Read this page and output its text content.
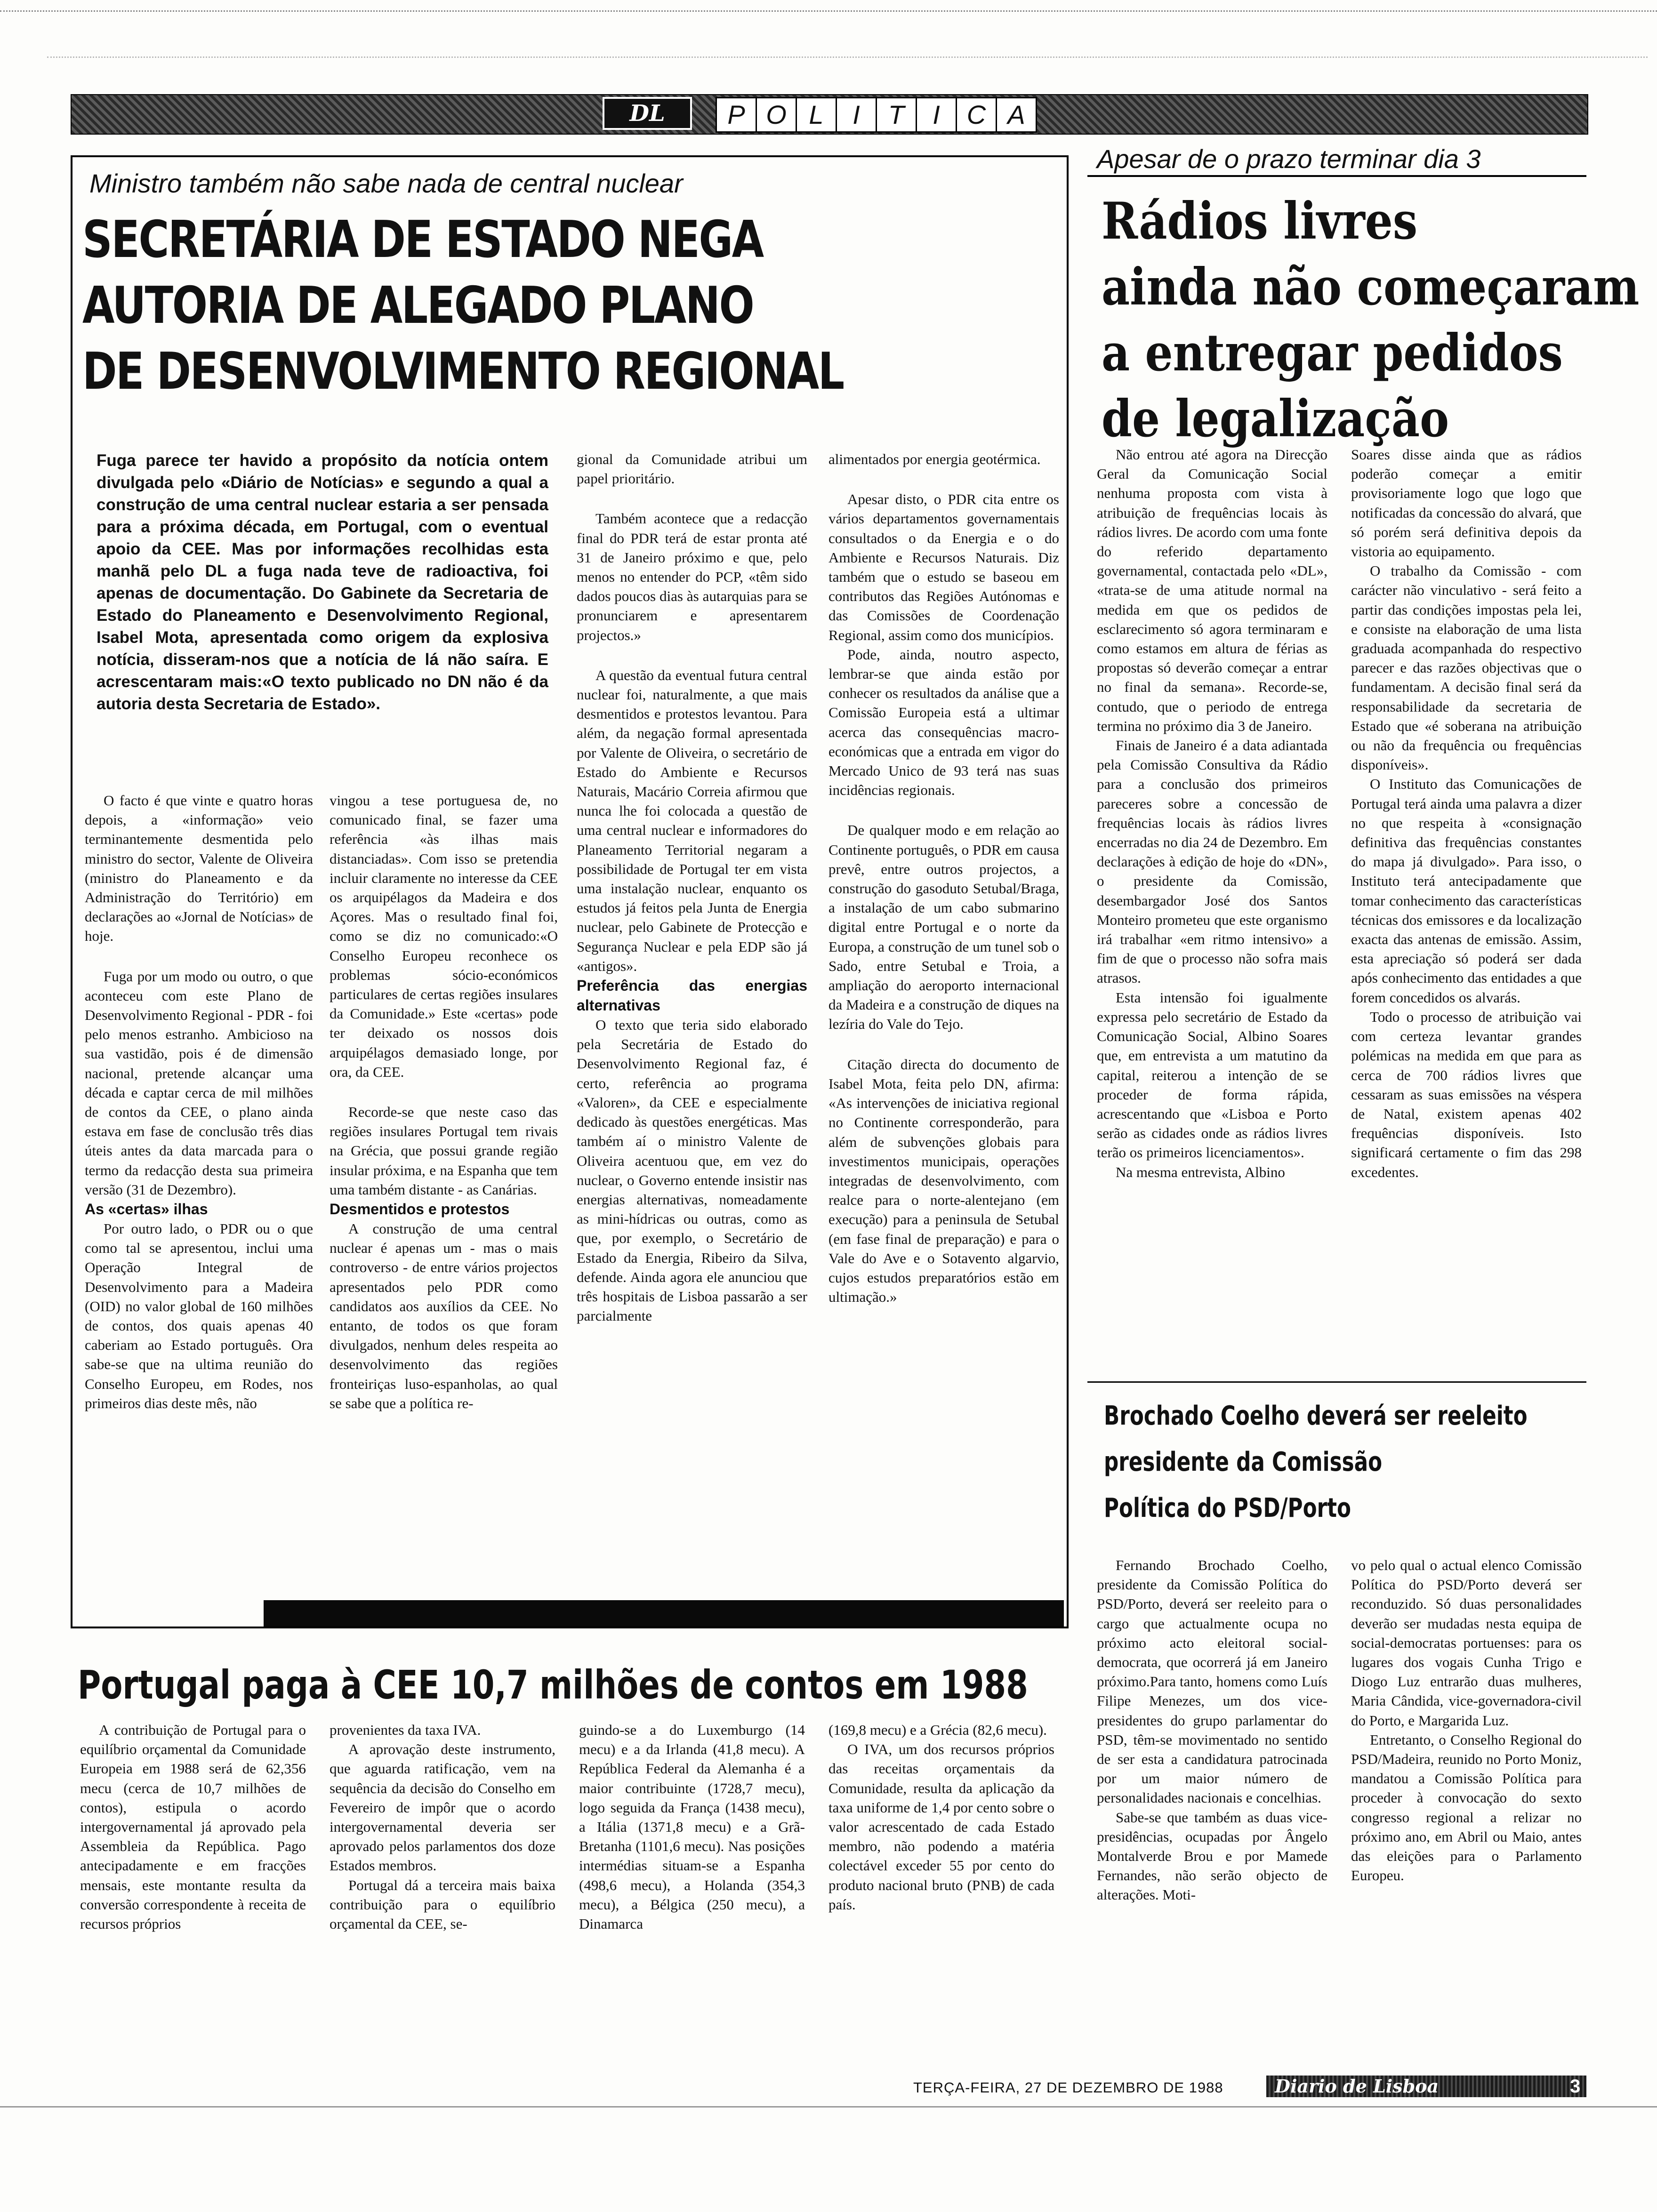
DL	P O L	I	T	I	C A
Ministro também não sabe nada de central nuclear
SECRETÁRIA DE ESTADO NEGA
AUTORIA DE ALEGADO PLANO
DE DESENVOLVIMENTO REGIONAL
Fuga parece ter havido a propósito da notícia ontem divulgada pelo «Diário de Notícias» e segundo a qual a construção de uma central nuclear estaria a ser pensada para a próxima década, em Portugal, com o eventual apoio da CEE. Mas por informações recolhidas esta manhã pelo DL a fuga nada teve de radioactiva, foi apenas de documentação. Do Gabinete da Secretaria de Estado do Planeamento e Desenvolvimento Regional, Isabel Mota, apresentada como origem da explosiva notícia, disseram-nos que a notícia de lá não saíra. E acrescentaram mais:«O texto publicado no DN não é da autoria desta Secretaria de Estado».

O facto é que vinte e quatro horas depois, a «informação» veio terminantemente desmentida pelo ministro do sector, Valente de Oliveira (ministro do Planeamento e da Administração do Território) em declarações ao «Jornal de Notícias» de hoje.

Fuga por um modo ou outro, o que aconteceu com este Plano de Desenvolvimento Regional - PDR - foi pelo menos estranho. Ambicioso na sua vastidão, pois é de dimensão nacional, pretende alcançar uma década e captar cerca de mil milhões de contos da CEE, o plano ainda estava em fase de conclusão três dias úteis antes da data marcada para o termo da redacção desta sua primeira versão (31 de Dezembro).

As «certas» ilhas

Por outro lado, o PDR ou o que como tal se apresentou, inclui uma Operação Integral de Desenvolvimento para a Madeira (OID) no valor global de 160 milhões de contos, dos quais apenas 40 caberiam ao Estado português. Ora sabe-se que na ultima reunião do Conselho Europeu, em Rodes, nos primeiros dias deste mês, não

vingou a tese portuguesa de, no comunicado final, se fazer uma referência «às ilhas mais distanciadas». Com isso se pretendia incluir claramente no interesse da CEE os arquipélagos da Madeira e dos Açores. Mas o resultado final foi, como se diz no comunicado:«O Conselho Europeu reconhece os problemas sócio-económicos particulares de certas regiões insulares da Comunidade.» Este «certas» pode ter deixado os nossos dois arquipélagos demasiado longe, por ora, da CEE.

Recorde-se que neste caso das regiões insulares Portugal tem rivais na Grécia, que possui grande região insular próxima, e na Espanha que tem uma também distante - as Canárias.

Desmentidos e protestos

A construção de uma central nuclear é apenas um - mas o mais controverso - de entre vários projectos apresentados pelo PDR como candidatos aos auxílios da CEE. No entanto, de todos os que foram divulgados, nenhum deles respeita ao desenvolvimento das regiões fronteiriças luso-espanholas, ao qual se sabe que a política re-

gional da Comunidade atribui um papel prioritário.

Também acontece que a redacção final do PDR terá de estar pronta até 31 de Janeiro próximo e que, pelo menos no entender do PCP, «têm sido dados poucos dias às autarquias para se pronunciarem e apresentarem projectos.»

A questão da eventual futura central nuclear foi, naturalmente, a que mais desmentidos e protestos levantou. Para além, da negação formal apresentada por Valente de Oliveira, o secretário de Estado do Ambiente e Recursos Naturais, Macário Correia afirmou que nunca lhe foi colocada a questão de uma central nuclear e informadores do Planeamento Territorial negaram a possibilidade de Portugal ter em vista uma instalação nuclear, enquanto os estudos já feitos pela Junta de Energia nuclear, pelo Gabinete de Protecção e Segurança Nuclear e pela EDP são já «antigos».

Preferência das energias alternativas

O texto que teria sido elaborado pela Secretária de Estado do Desenvolvimento Regional faz, é certo, referência ao programa «Valoren», da CEE e especialmente dedicado às questões energéticas. Mas também aí o ministro Valente de Oliveira acentuou que, em vez do nuclear, o Governo entende insistir nas energias alternativas, nomeadamente as mini-hídricas ou outras, como as que, por exemplo, o Secretário de Estado da Energia, Ribeiro da Silva, defende. Ainda agora ele anunciou que três hospitais de Lisboa passarão a ser parcialmente

alimentados por energia geotérmica.

Apesar disto, o PDR cita entre os vários departamentos governamentais consultados o da Energia e o do Ambiente e Recursos Naturais. Diz também que o estudo se baseou em contributos das Regiões Autónomas e das Comissões de Coordenação Regional, assim como dos municípios.

Pode, ainda, noutro aspecto, lembrar-se que ainda estão por conhecer os resultados da análise que a Comissão Europeia está a ultimar acerca das consequências macro-económicas que a entrada em vigor do Mercado Unico de 93 terá nas suas incidências regionais.

De qualquer modo e em relação ao Continente português, o PDR em causa prevê, entre outros projectos, a construção do gasoduto Setubal/Braga, a instalação de um cabo submarino digital entre Portugal e o norte da Europa, a construção de um tunel sob o Sado, entre Setubal e Troia, a ampliação do aeroporto internacional da Madeira e a construção de diques na lezíria do Vale do Tejo.

Citação directa do documento de Isabel Mota, feita pelo DN, afirma: «As intervenções de iniciativa regional no Continente corresponderão, para além de subvenções globais para investimentos municipais, operações integradas de desenvolvimento, com realce para o norte-alentejano (em execução) para a peninsula de Setubal (em fase final de preparação) e para o Vale do Ave e o Sotavento algarvio, cujos estudos preparatórios estão em ultimação.»

Apesar de o prazo terminar dia 3
Rádios livres
ainda não começaram
a entregar pedidos
de legalização

Não entrou até agora na Direcção Geral da Comunicação Social nenhuma proposta com vista à atribuição de frequências locais às rádios livres. De acordo com uma fonte do referido departamento governamental, contactada pelo «DL», «trata-se de uma atitude normal na medida em que os pedidos de esclarecimento só agora terminaram e como estamos em altura de férias as propostas só deverão começar a entrar no final da semana». Recorde-se, contudo, que o periodo de entrega termina no próximo dia 3 de Janeiro.

Finais de Janeiro é a data adiantada pela Comissão Consultiva da Rádio para a conclusão dos primeiros pareceres sobre a concessão de frequências locais às rádios livres encerradas no dia 24 de Dezembro. Em declarações à edição de hoje do «DN», o presidente da Comissão, desembargador José dos Santos Monteiro prometeu que este organismo irá trabalhar «em ritmo intensivo» a fim de que o processo não sofra mais atrasos.

Esta intensão foi igualmente expressa pelo secretário de Estado da Comunicação Social, Albino Soares que, em entrevista a um matutino da capital, reiterou a intenção de se proceder de forma rápida, acrescentando que «Lisboa e Porto serão as cidades onde as rádios livres terão os primeiros licenciamentos».

Na mesma entrevista, Albino

Soares disse ainda que as rádios poderão começar a emitir provisoriamente logo que logo que notificadas da concessão do alvará, que só porém será definitiva depois da vistoria ao equipamento.

O trabalho da Comissão - com carácter não vinculativo - será feito a partir das condições impostas pela lei, e consiste na elaboração de uma lista graduada acompanhada do respectivo parecer e das razões objectivas que o fundamentam. A decisão final será da responsabilidade da secretaria de Estado que «é soberana na atribuição ou não da frequência ou frequências disponíveis».

O Instituto das Comunicações de Portugal terá ainda uma palavra a dizer no que respeita à «consignação definitiva das frequências constantes do mapa já divulgado». Para isso, o Instituto terá antecipadamente que tomar conhecimento das características técnicas dos emissores e da localização exacta das antenas de emissão. Assim, esta apreciação só poderá ser dada após conhecimento das entidades a que forem concedidos os alvarás.

Todo o processo de atribuição vai com certeza levantar grandes polémicas na medida em que para as cerca de 700 rádios livres que cessaram as suas emissões na véspera de Natal, existem apenas 402 frequências disponíveis. Isto significará certamente o fim das 298 excedentes.

Brochado Coelho deverá ser reeleito
presidente da Comissão
Política do PSD/Porto

Fernando Brochado Coelho, presidente da Comissão Política do PSD/Porto, deverá ser reeleito para o cargo que actualmente ocupa no próximo acto eleitoral social-democrata, que ocorrerá já em Janeiro próximo.Para tanto, homens como Luís Filipe Menezes, um dos vice-presidentes do grupo parlamentar do PSD, têm-se movimentado no sentido de ser esta a candidatura patrocinada por um maior número de personalidades nacionais e concelhias.

Sabe-se que também as duas vice-presidências, ocupadas por Ângelo Montalverde Brou e por Mamede Fernandes, não serão objecto de alterações. Moti-

vo pelo qual o actual elenco Comissão Política do PSD/Porto deverá ser reconduzido. Só duas personalidades deverão ser mudadas nesta equipa de social-democratas portuenses: para os lugares dos vogais Cunha Trigo e Diogo Luz entrarão duas mulheres, Maria Cândida, vice-governadora-civil do Porto, e Margarida Luz.

Entretanto, o Conselho Regional do PSD/Madeira, reunido no Porto Moniz, mandatou a Comissão Política para proceder à convocação do sexto congresso regional a relizar no próximo ano, em Abril ou Maio, antes das eleições para o Parlamento Europeu.

Portugal paga à CEE 10,7 milhões de contos em 1988

A contribuição de Portugal para o equilíbrio orçamental da Comunidade Europeia em 1988 será de 62,356 mecu (cerca de 10,7 milhões de contos), estipula o acordo intergovernamental já aprovado pela Assembleia da República. Pago antecipadamente e em fracções mensais, este montante resulta da conversão correspondente à receita de recursos próprios

provenientes da taxa IVA.

A aprovação deste instrumento, que aguarda ratificação, vem na sequência da decisão do Conselho em Fevereiro de impôr que o acordo intergovernamental deveria ser aprovado pelos parlamentos dos doze Estados membros.

Portugal dá a terceira mais baixa contribuição para o equilíbrio orçamental da CEE, se-

guindo-se a do Luxemburgo (14 mecu) e a da Irlanda (41,8 mecu). A República Federal da Alemanha é a maior contribuinte (1728,7 mecu), logo seguida da França (1438 mecu), a Itália (1371,8 mecu) e a Grã-Bretanha (1101,6 mecu). Nas posições intermédias situam-se a Espanha (498,6 mecu), a Holanda (354,3 mecu), a Bélgica (250 mecu), a Dinamarca

(169,8 mecu) e a Grécia (82,6 mecu).

O IVA, um dos recursos próprios das receitas orçamentais da Comunidade, resulta da aplicação da taxa uniforme de 1,4 por cento sobre o valor acrescentado de cada Estado membro, não podendo a matéria colectável exceder 55 por cento do produto nacional bruto (PNB) de cada país.

TERÇA-FEIRA, 27 DE DEZEMBRO DE 1988	Diario de Lisboa	3
